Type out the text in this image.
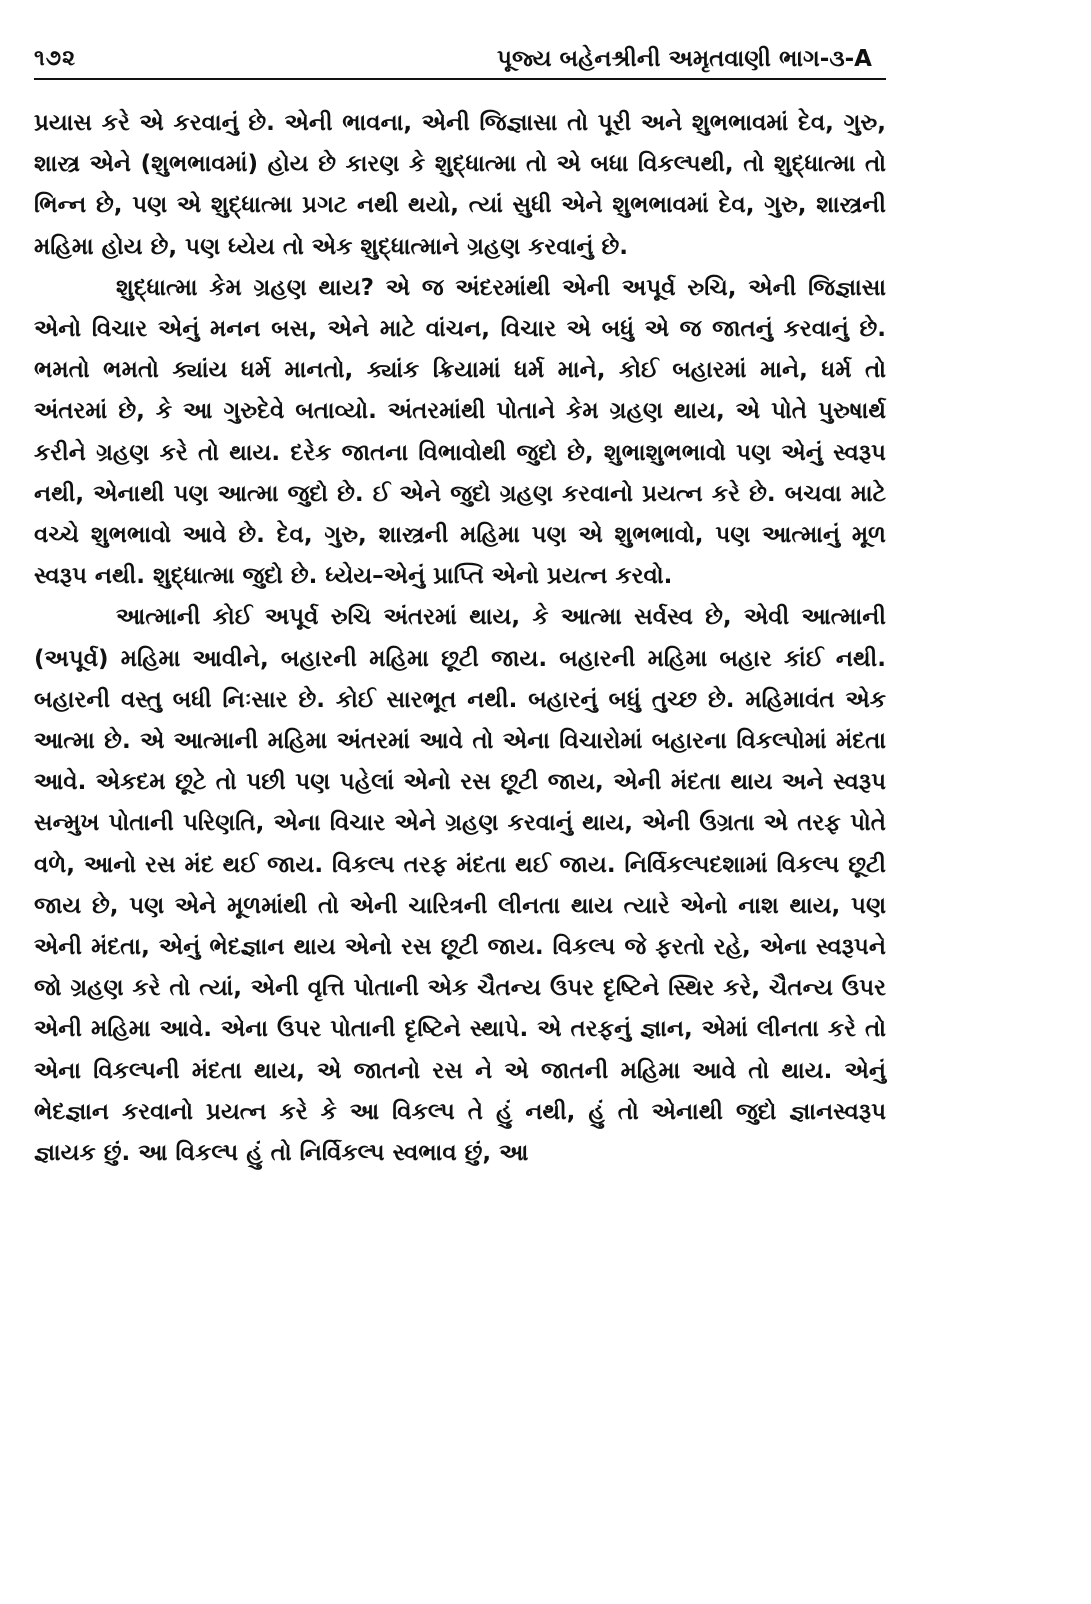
૧૭૨	પૂજ્ય બહેનશ્રીની અમૃતવાણી ભાગ-૩-A

પ્રયાસ કરે એ કરવાનું છે. એની ભાવના, એની જિજ્ઞાસા તો પૂરી અને શુભભાવમાં દેવ, ગુરુ, શાસ્ત્ર એને (શુભભાવમાં) હોય છે કારણ કે શુદ્ધાત્મા તો એ બધા વિકલ્પથી, તો શુદ્ધાત્મા તો ભિન્ન છે, પણ એ શુદ્ધાત્મા પ્રગટ નથી થયો, ત્યાં સુધી એને શુભભાવમાં દેવ, ગુરુ, શાસ્ત્રની મહિમા હોય છે, પણ ધ્યેય તો એક શુદ્ધાત્માને ગ્રહણ કરવાનું છે.

શુદ્ધાત્મા કેમ ગ્રહણ થાય? એ જ અંદરમાંથી એની અપૂર્વ રુચિ, એની જિજ્ઞાસા એનો વિચાર એનું મનન બસ, એને માટે વાંચન, વિચાર એ બધું એ જ જાતનું કરવાનું છે. ભમતો ભમતો ક્યાંય ધર્મ માનતો, ક્યાંક ક્રિયામાં ધર્મ માને, કોઈ બહારમાં માને, ધર્મ તો અંતરમાં છે, કે આ ગુરુદેવે બતાવ્યો. અંતરમાંથી પોતાને કેમ ગ્રહણ થાય, એ પોતે પુરુષાર્થ કરીને ગ્રહણ કરે તો થાય. દરેક જાતના વિભાવોથી જુદો છે, શુભાશુભભાવો પણ એનું સ્વરૂપ નથી, એનાથી પણ આત્મા જુદો છે. ઈ એને જુદો ગ્રહણ કરવાનો પ્રયત્ન કરે છે. બચવા માટે વચ્ચે શુભભાવો આવે છે. દેવ, ગુરુ, શાસ્ત્રની મહિમા પણ એ શુભભાવો, પણ આત્માનું મૂળ સ્વરૂપ નથી. શુદ્ધાત્મા જુદો છે. ધ્યેય–એનું પ્રાપ્તિ એનો પ્રયત્ન કરવો.

આત્માની કોઈ અપૂર્વ રુચિ અંતરમાં થાય, કે આત્મા સર્વસ્વ છે, એવી આત્માની (અપૂર્વ) મહિમા આવીને, બહારની મહિમા છૂટી જાય. બહારની મહિમા બહાર કાંઈ નથી. બહારની વસ્તુ બધી નિઃસાર છે. કોઈ સારભૂત નથી. બહારનું બધું તુચ્છ છે. મહિમાવંત એક આત્મા છે. એ આત્માની મહિમા અંતરમાં આવે તો એના વિચારોમાં બહારના વિકલ્પોમાં મંદતા આવે. એકદમ છૂટે તો પછી પણ પહેલાં એનો રસ છૂટી જાય, એની મંદતા થાય અને સ્વરૂપ સન્મુખ પોતાની પરિણતિ, એના વિચાર એને ગ્રહણ કરવાનું થાય, એની ઉગ્રતા એ તરફ પોતે વળે, આનો રસ મંદ થઈ જાય. વિકલ્પ તરફ મંદતા થઈ જાય. નિર્વિકલ્પદશામાં વિકલ્પ છૂટી જાય છે, પણ એને મૂળમાંથી તો એની ચારિત્રની લીનતા થાય ત્યારે એનો નાશ થાય, પણ એની મંદતા, એનું ભેદજ્ઞાન થાય એનો રસ છૂટી જાય. વિકલ્પ જે ફરતો રહે, એના સ્વરૂપને જો ગ્રહણ કરે તો ત્યાં, એની વૃત્તિ પોતાની એક ચૈતન્ય ઉપર દૃષ્ટિને સ્થિર કરે, ચૈતન્ય ઉપર એની મહિમા આવે. એના ઉપર પોતાની દૃષ્ટિને સ્થાપે. એ તરફનું જ્ઞાન, એમાં લીનતા કરે તો એના વિકલ્પની મંદતા થાય, એ જાતનો રસ ને એ જાતની મહિમા આવે તો થાય. એનું ભેદજ્ઞાન કરવાનો પ્રયત્ન કરે કે આ વિકલ્પ તે હું નથી, હું તો એનાથી જુદો જ્ઞાનસ્વરૂપ જ્ઞાયક છું. આ વિકલ્પ હું તો નિર્વિકલ્પ સ્વભાવ છું, આ
